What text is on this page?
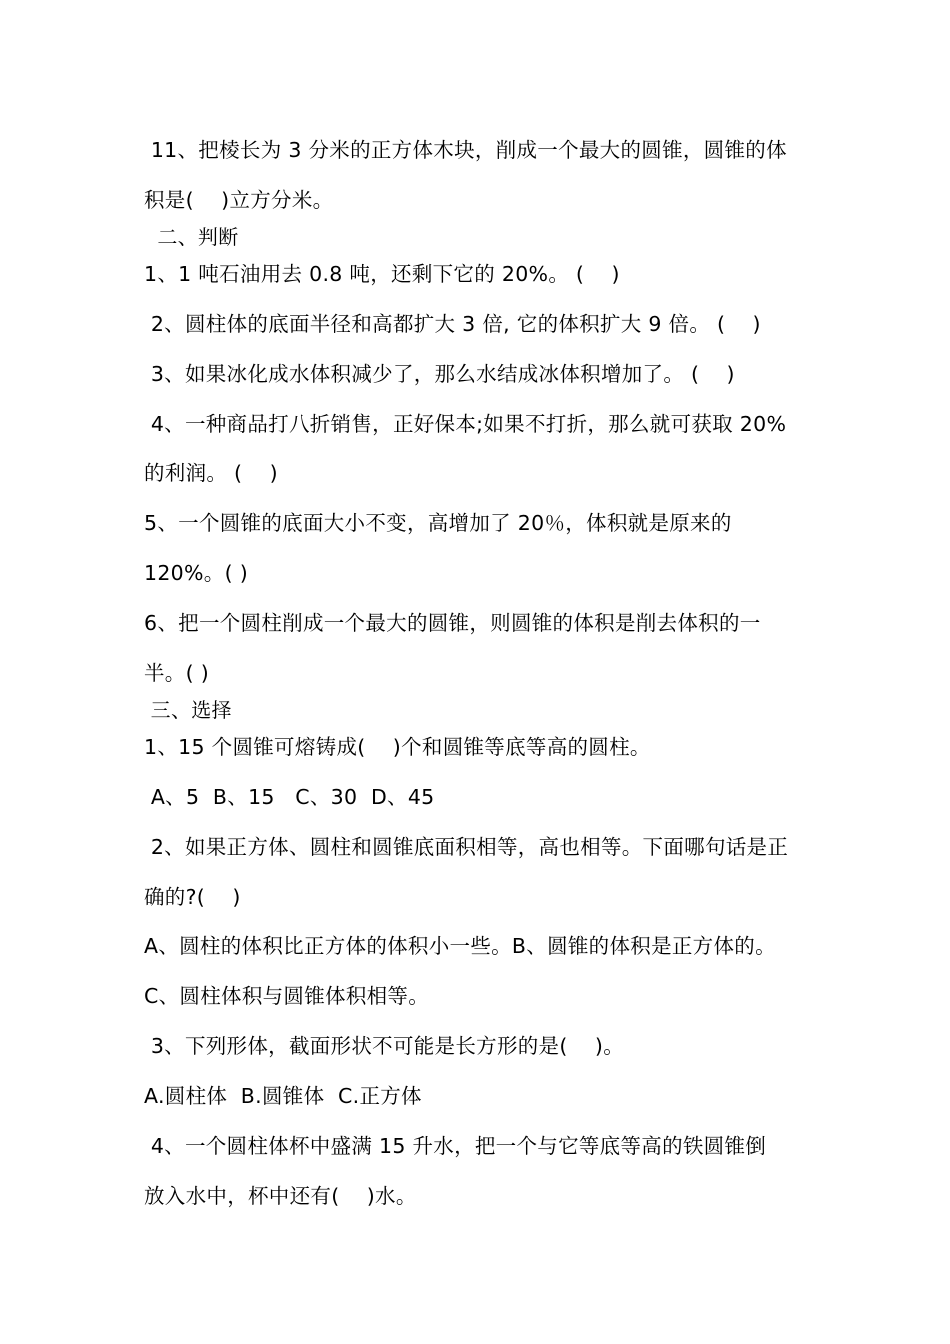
11、把棱长为 3 分米的正方体木块，削成一个最大的圆锥，圆锥的体
积是(    )立方分米。
二、判断
1、1 吨石油用去 0.8 吨，还剩下它的 20%。 (    )
2、圆柱体的底面半径和高都扩大 3 倍, 它的体积扩大 9 倍。 (    )
3、如果冰化成水体积减少了，那么水结成冰体积增加了。 (    )
4、一种商品打八折销售，正好保本;如果不打折，那么就可获取 20%
的利润。 (    )
5、一个圆锥的底面大小不变，高增加了 20％，体积就是原来的
120%。( )
6、把一个圆柱削成一个最大的圆锥，则圆锥的体积是削去体积的一
半。( )
三、选择
1、15 个圆锥可熔铸成(    )个和圆锥等底等高的圆柱。
A、5  B、15   C、30  D、45
2、如果正方体、圆柱和圆锥底面积相等，高也相等。下面哪句话是正
确的?(    )
A、圆柱的体积比正方体的体积小一些。B、圆锥的体积是正方体的。
C、圆柱体积与圆锥体积相等。
3、下列形体，截面形状不可能是长方形的是(    )。
A.圆柱体  B.圆锥体  C.正方体
4、一个圆柱体杯中盛满 15 升水，把一个与它等底等高的铁圆锥倒
放入水中，杯中还有(    )水。
